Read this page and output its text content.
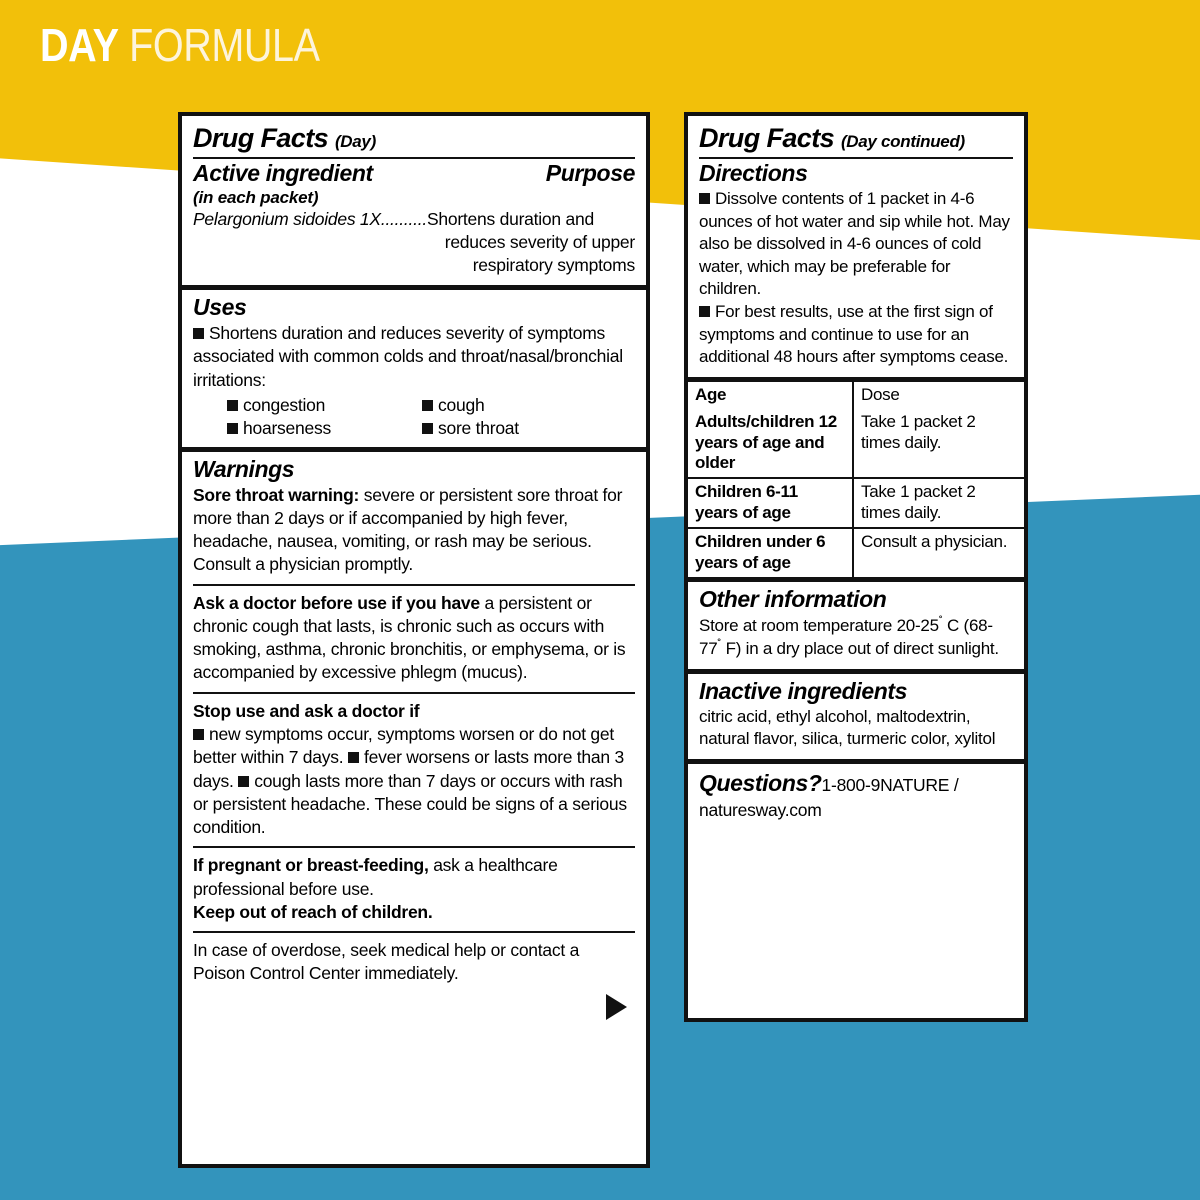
DAY FORMULA
Drug Facts (Day)
Active ingredient	Purpose
(in each packet)
Pelargonium sidoides 1X..........Shortens duration and
reduces severity of upper
respiratory symptoms
Uses
Shortens duration and reduces severity of symptoms associated with common colds and throat/nasal/bronchial irritations:
congestion	cough
hoarseness	sore throat
Warnings
Sore throat warning: severe or persistent sore throat for more than 2 days or if accompanied by high fever, headache, nausea, vomiting, or rash may be serious. Consult a physician promptly.
Ask a doctor before use if you have a persistent or chronic cough that lasts, is chronic such as occurs with smoking, asthma, chronic bronchitis, or emphysema, or is accompanied by excessive phlegm (mucus).
Stop use and ask a doctor if
new symptoms occur, symptoms worsen or do not get better within 7 days. fever worsens or lasts more than 3 days. cough lasts more than 7 days or occurs with rash or persistent headache. These could be signs of a serious condition.
If pregnant or breast-feeding, ask a healthcare professional before use.
Keep out of reach of children.
In case of overdose, seek medical help or contact a Poison Control Center immediately.
Drug Facts (Day continued)
Directions
Dissolve contents of 1 packet in 4-6 ounces of hot water and sip while hot. May also be dissolved in 4-6 ounces of cold water, which may be preferable for children.
For best results, use at the first sign of symptoms and continue to use for an additional 48 hours after symptoms cease.
Age	Dose
Adults/children 12 years of age and older	Take 1 packet 2 times daily.
Children 6-11 years of age	Take 1 packet 2 times daily.
Children under 6 years of age	Consult a physician.
Other information
Store at room temperature 20-25˚ C (68-77˚ F) in a dry place out of direct sunlight.
Inactive ingredients
citric acid, ethyl alcohol, maltodextrin, natural flavor, silica, turmeric color, xylitol
Questions?1-800-9NATURE / naturesway.com
